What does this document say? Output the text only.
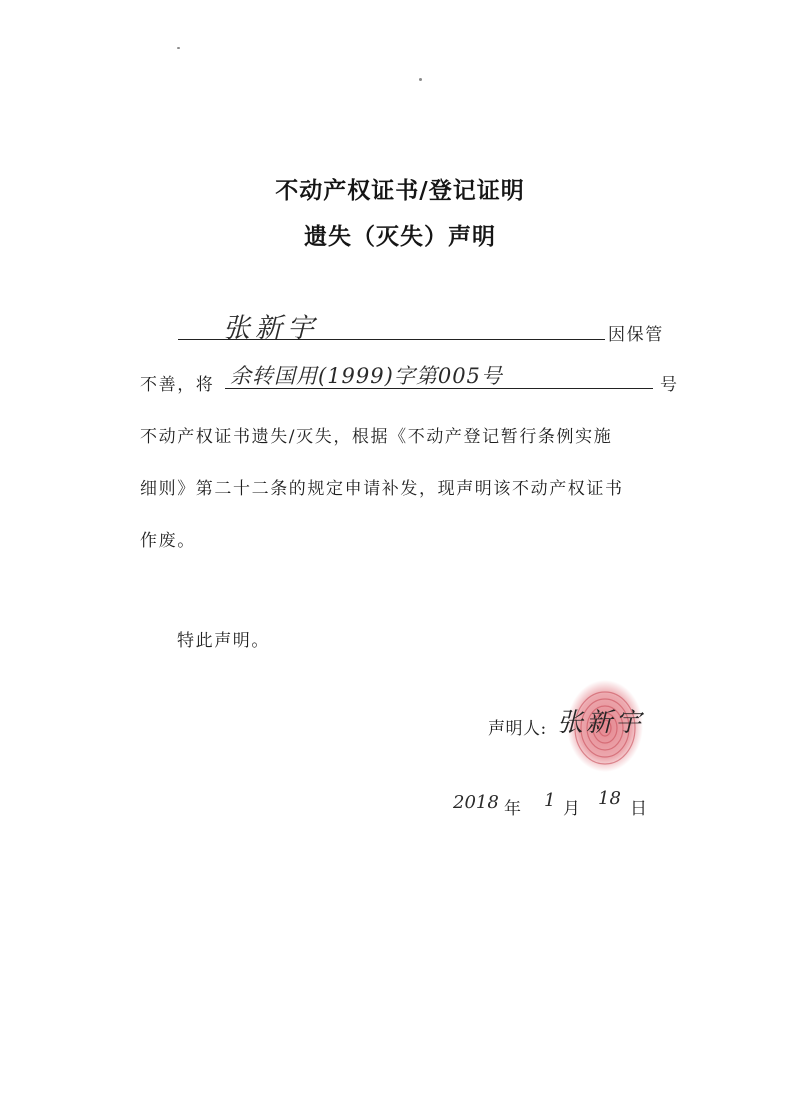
不动产权证书/登记证明
遗失（灭失）声明
张新宇	因保管
不善，将 余转国用(1999)字第005号	号
不动产权证书遗失/灭失，根据《不动产登记暂行条例实施
细则》第二十二条的规定申请补发，现声明该不动产权证书
作废。
特此声明。
声明人: 张新宇
2018 年 1 月 18 日
